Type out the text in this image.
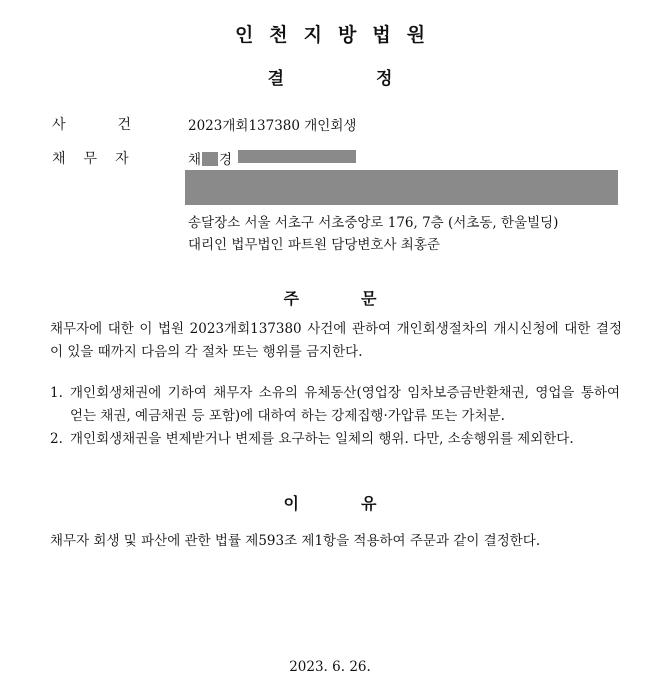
인천지방법원
결	정
사	건	2023개회137380 개인회생
채 무 자	채 경
송달장소 서울 서초구 서초중앙로 176, 7층 (서초동, 한울빌딩)
대리인 법무법인 파트원 담당변호사 최홍준
주	문
채무자에 대한 이 법원 2023개회137380 사건에 관하여 개인회생절차의 개시신청에 대한 결정이 있을 때까지 다음의 각 절차 또는 행위를 금지한다.
1. 개인회생채권에 기하여 채무자 소유의 유체동산(영업장 임차보증금반환채권, 영업을 통하여 얻는 채권, 예금채권 등 포함)에 대하여 하는 강제집행·가압류 또는 가처분.
2. 개인회생채권을 변제받거나 변제를 요구하는 일체의 행위. 다만, 소송행위를 제외한다.
이	유
채무자 회생 및 파산에 관한 법률 제593조 제1항을 적용하여 주문과 같이 결정한다.
2023. 6. 26.
